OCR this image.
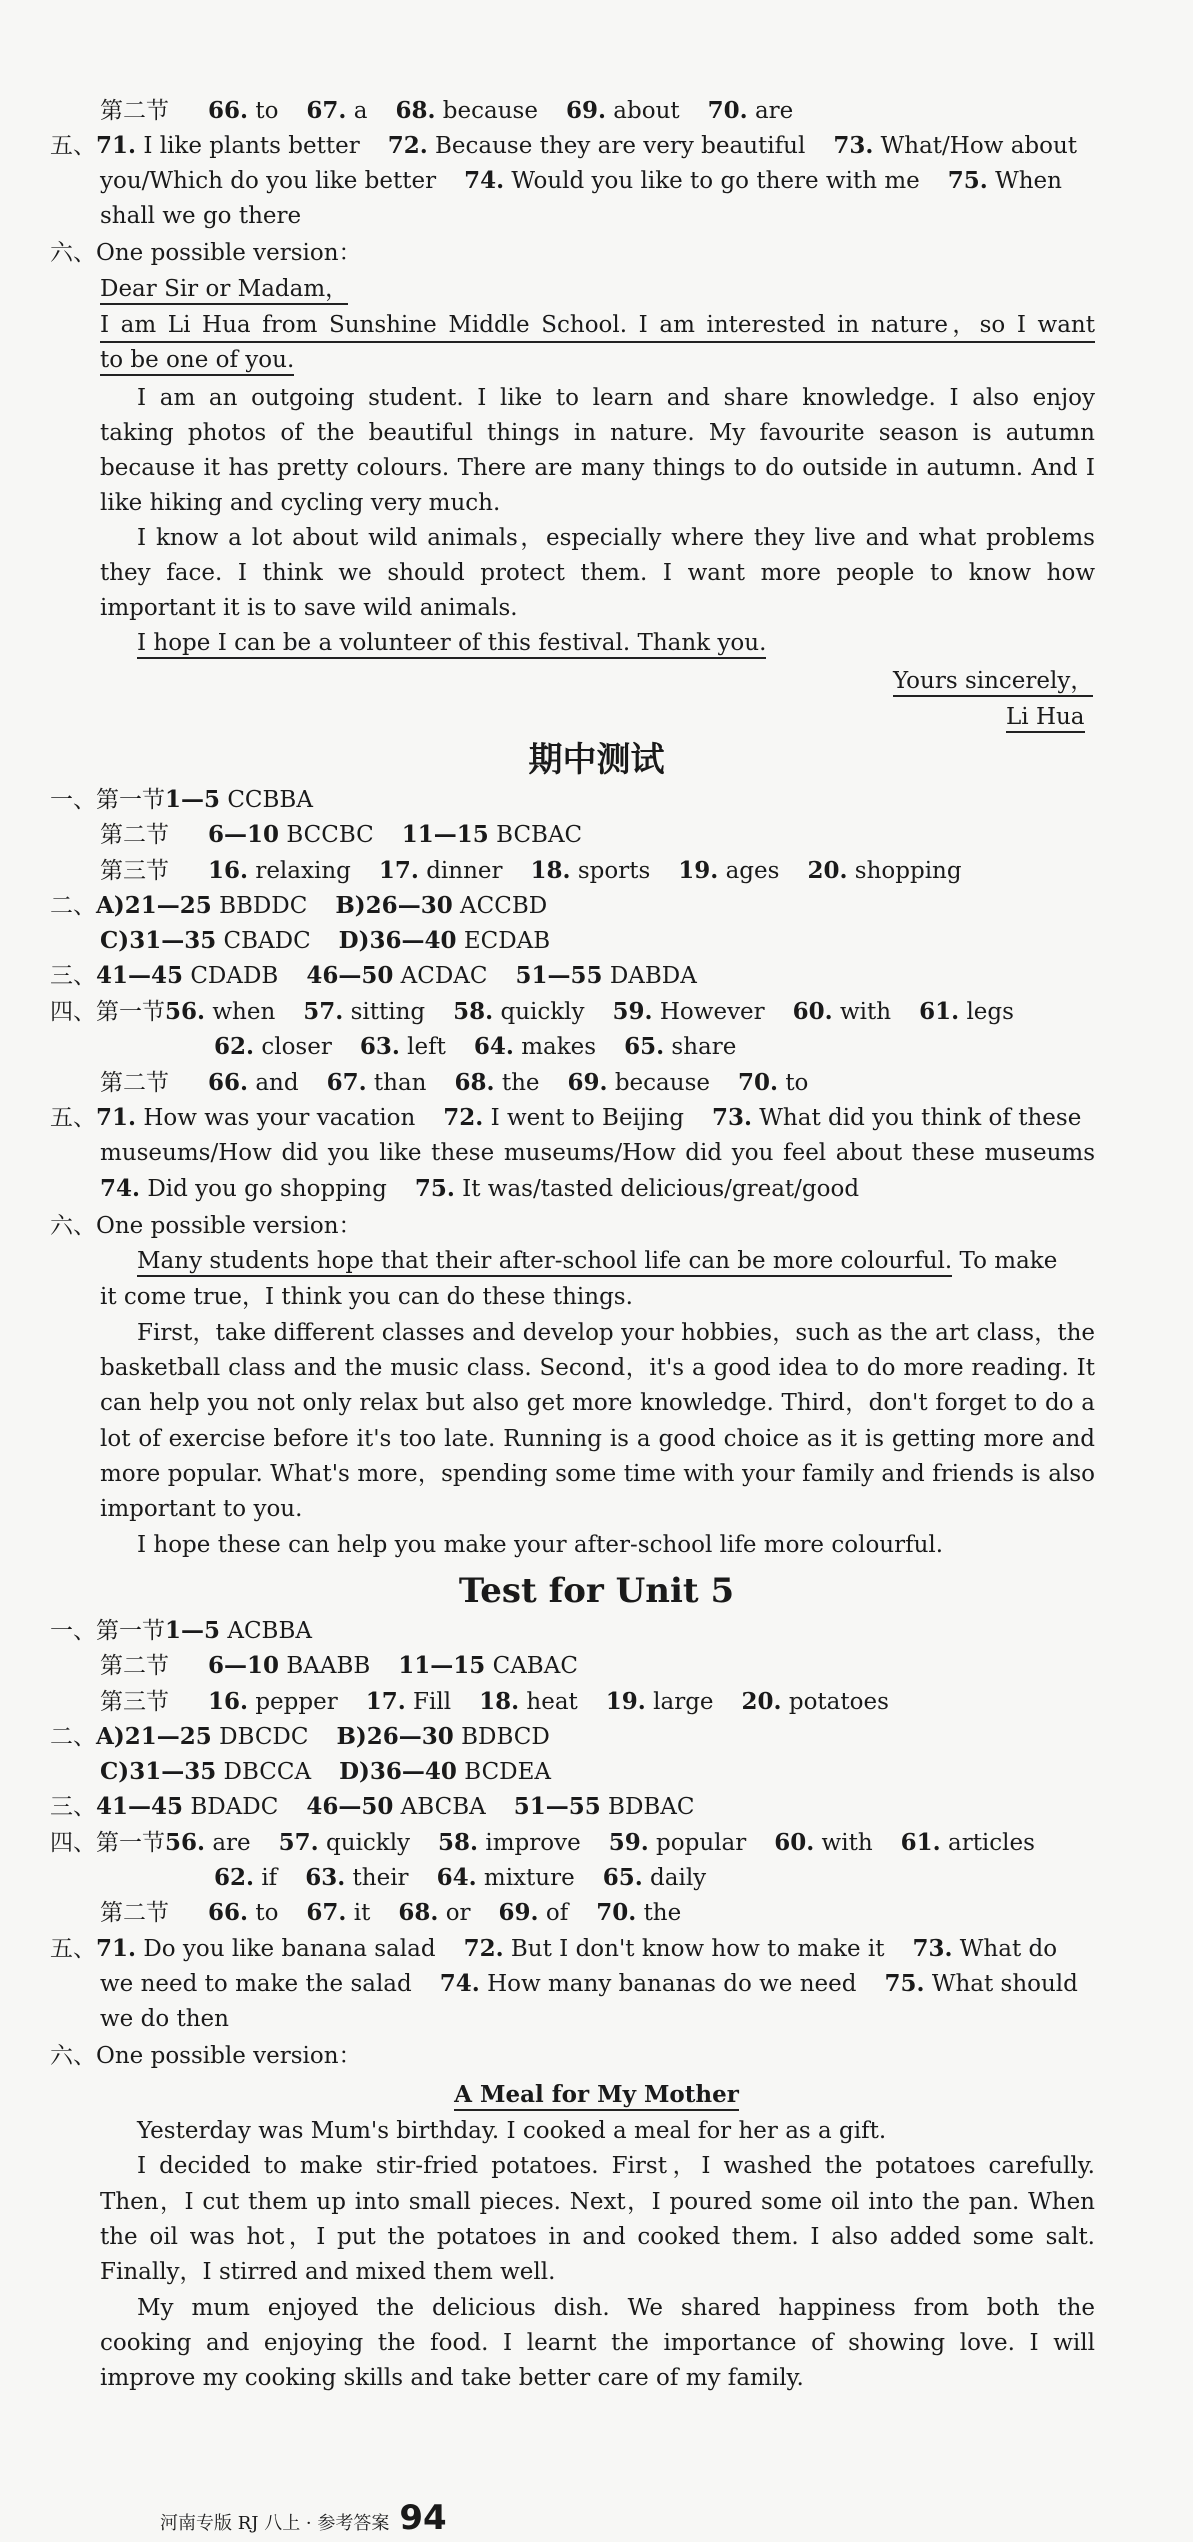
第二节	66. to 67. a 68. because 69. about 70. are
五、 71. I like plants better 72. Because they are very beautiful 73. What/How about
you/Which do you like better 74. Would you like to go there with me 75. When
shall we go there
六、One possible version：
Dear Sir or Madam，
I am Li Hua from Sunshine Middle School. I am interested in nature，so I want
to be one of you.
I am an outgoing student. I like to learn and share knowledge. I also enjoy
taking photos of the beautiful things in nature. My favourite season is autumn
because it has pretty colours. There are many things to do outside in autumn. And I
like hiking and cycling very much.
I know a lot about wild animals，especially where they live and what problems
they face. I think we should protect them. I want more people to know how
important it is to save wild animals.
I hope I can be a volunteer of this festival. Thank you.
Yours sincerely，
Li Hua
期中测试
一、第一节 1—5 CCBBA
第二节	6—10 BCCBC 11—15 BCBAC
第三节	16. relaxing 17. dinner 18. sports 19. ages 20. shopping
二、 A)21—25 BBDDC B)26—30 ACCBD
C)31—35 CBADC D)36—40 ECDAB
三、 41—45 CDADB 46—50 ACDAC 51—55 DABDA
四、第一节 56. when 57. sitting 58. quickly 59. However 60. with 61. legs
62. closer 63. left 64. makes 65. share
第二节	66. and 67. than 68. the 69. because 70. to
五、 71. How was your vacation 72. I went to Beijing 73. What did you think of these
museums/How did you like these museums/How did you feel about these museums
74. Did you go shopping 75. It was/tasted delicious/great/good
六、One possible version：
Many students hope that their after-school life can be more colourful. To make
it come true，I think you can do these things.
First，take different classes and develop your hobbies，such as the art class，the
basketball class and the music class. Second，it's a good idea to do more reading. It
can help you not only relax but also get more knowledge. Third，don't forget to do a
lot of exercise before it's too late. Running is a good choice as it is getting more and
more popular. What's more，spending some time with your family and friends is also
important to you.
I hope these can help you make your after-school life more colourful.
Test for Unit 5
一、第一节 1—5 ACBBA
第二节	6—10 BAABB 11—15 CABAC
第三节	16. pepper 17. Fill 18. heat 19. large 20. potatoes
二、 A)21—25 DBCDC B)26—30 BDBCD
C)31—35 DBCCA D)36—40 BCDEA
三、 41—45 BDADC 46—50 ABCBA 51—55 BDBAC
四、第一节 56. are 57. quickly 58. improve 59. popular 60. with 61. articles
62. if 63. their 64. mixture 65. daily
第二节	66. to 67. it 68. or 69. of 70. the
五、 71. Do you like banana salad 72. But I don't know how to make it 73. What do
we need to make the salad 74. How many bananas do we need 75. What should
we do then
六、One possible version：
A Meal for My Mother
Yesterday was Mum's birthday. I cooked a meal for her as a gift.
I decided to make stir-fried potatoes. First，I washed the potatoes carefully.
Then，I cut them up into small pieces. Next，I poured some oil into the pan. When
the oil was hot，I put the potatoes in and cooked them. I also added some salt.
Finally，I stirred and mixed them well.
My mum enjoyed the delicious dish. We shared happiness from both the
cooking and enjoying the food. I learnt the importance of showing love. I will
improve my cooking skills and take better care of my family.
河南专版 RJ 八上 · 参考答案 94
